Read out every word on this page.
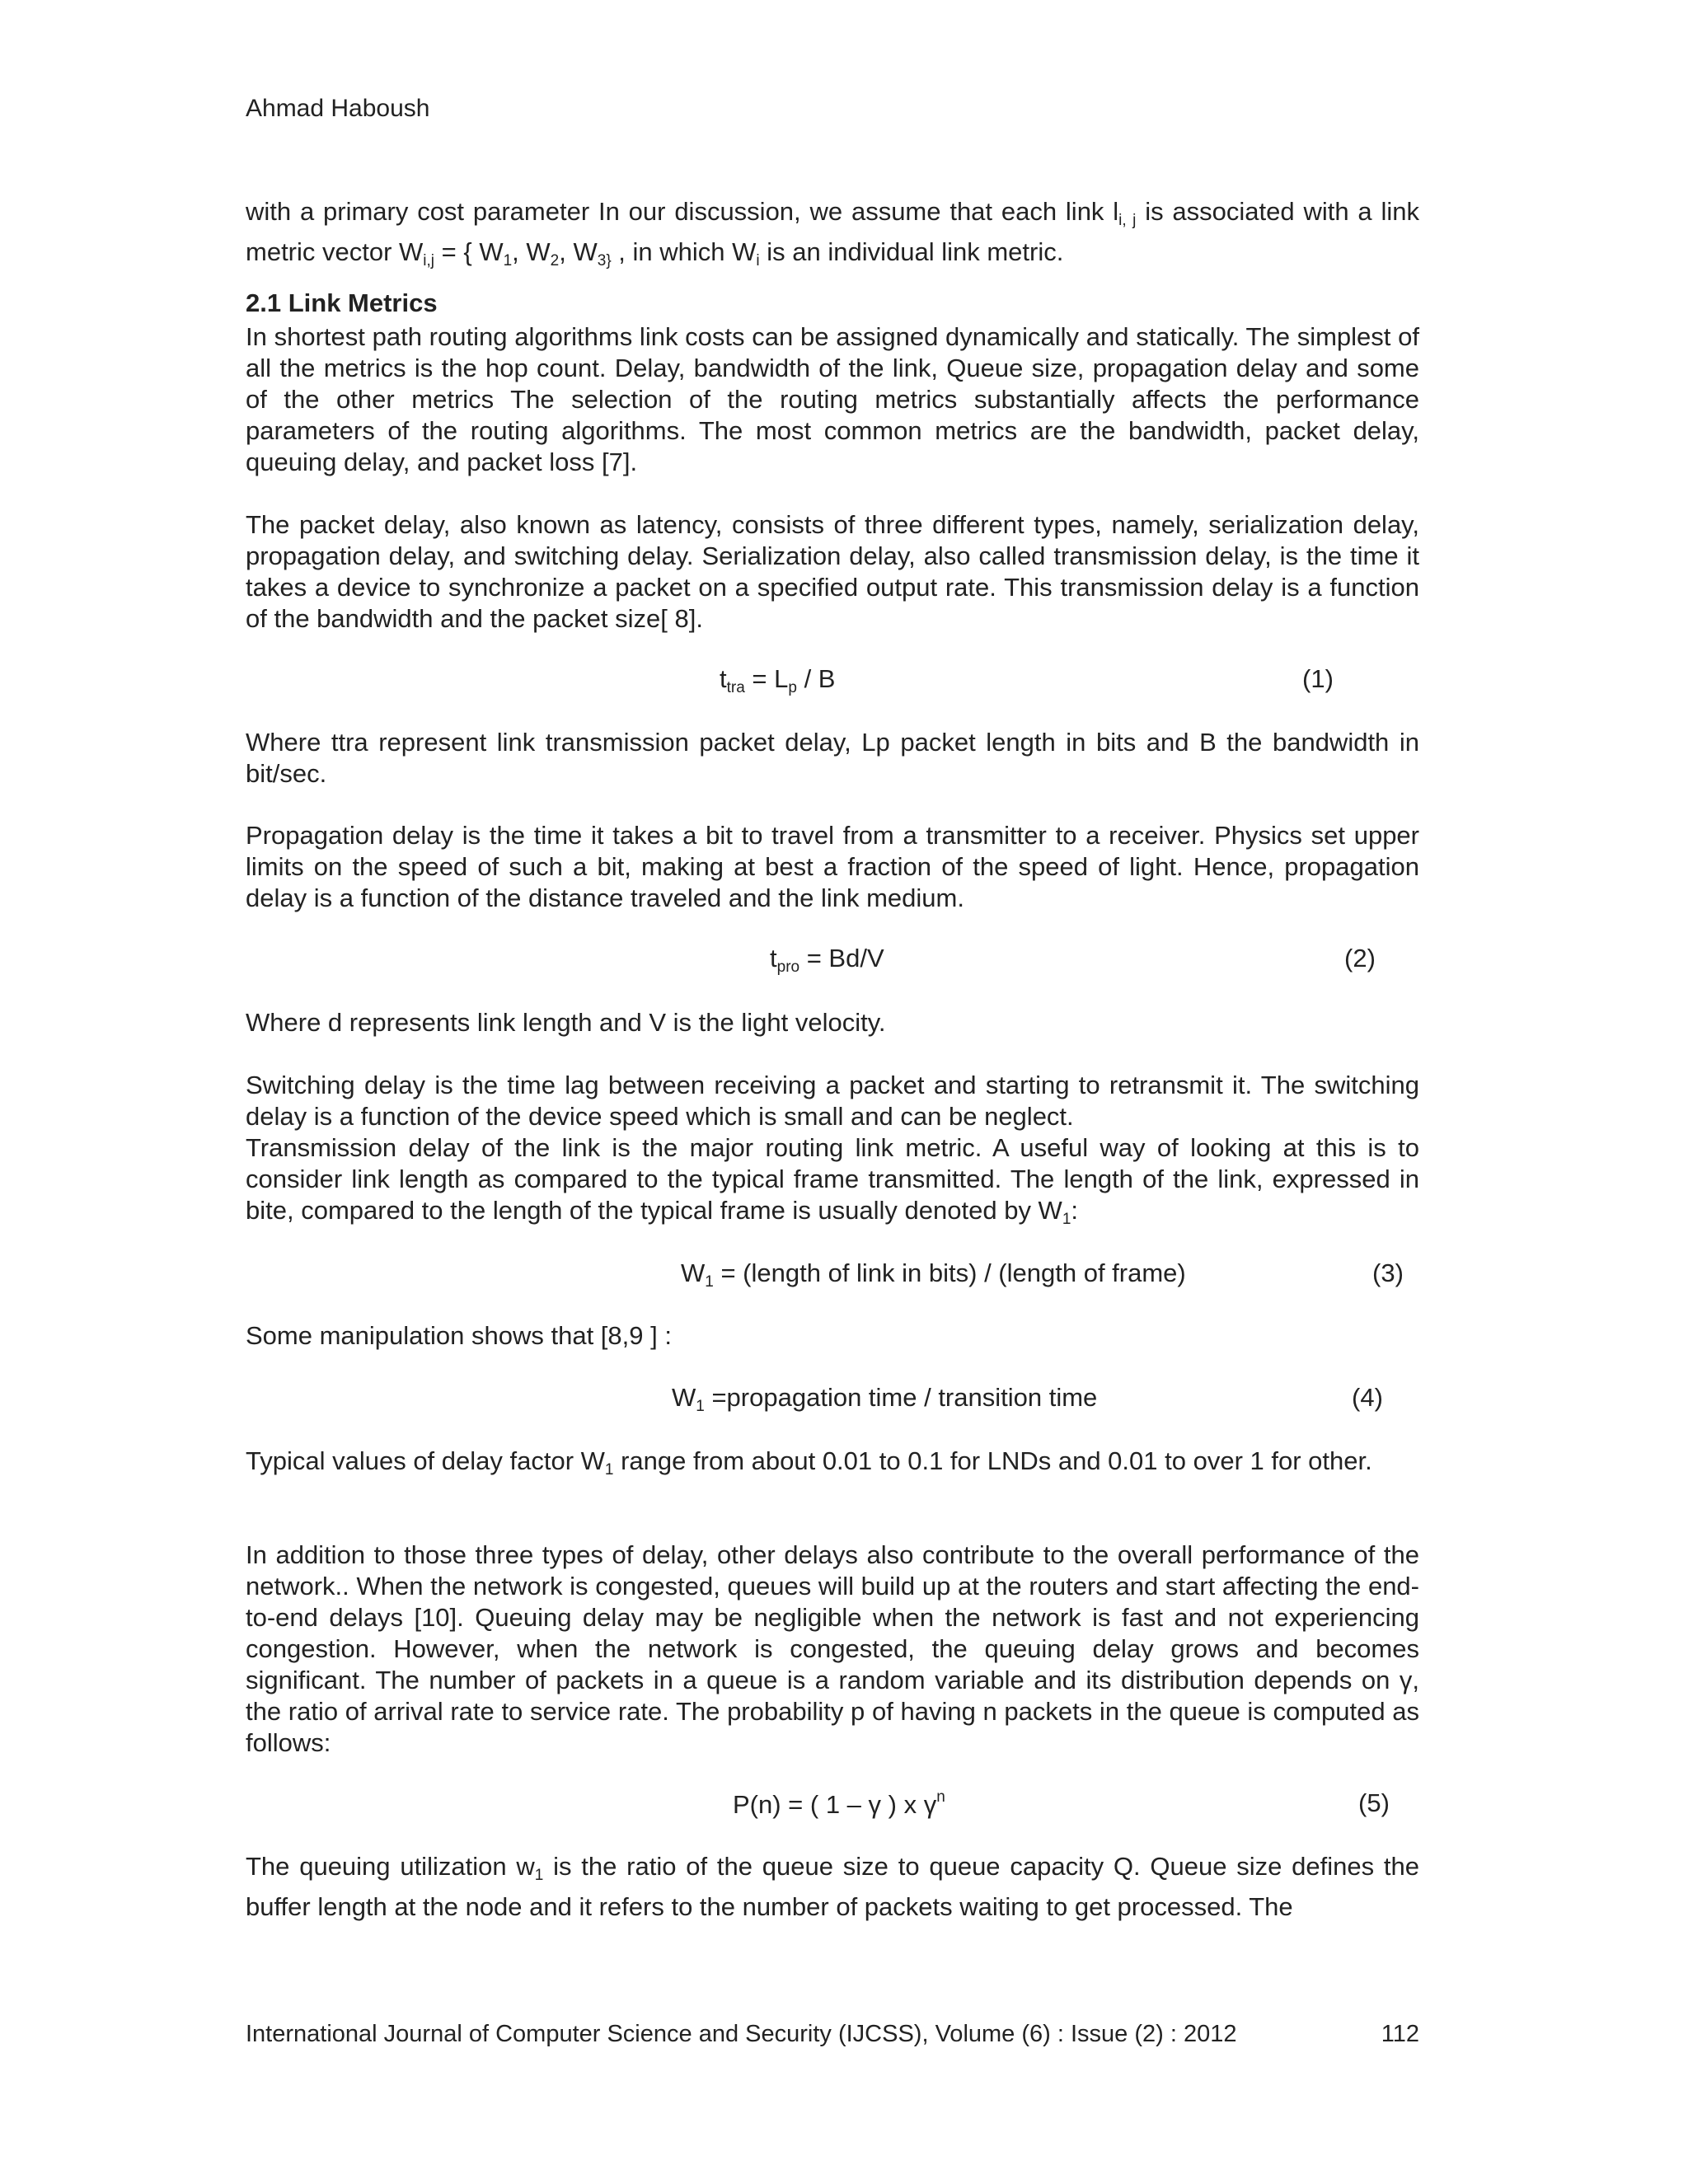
Ahmad Haboush

with a primary cost parameter In our discussion, we assume that each link $l_{i, j}$ is associated with a link metric vector $W_{i,j}$ = { $W_1$, $W_2$, $W_{3\}}$ , in which $W_i$ is an individual link metric.

2.1 Link Metrics

In shortest path routing algorithms link costs can be assigned dynamically and statically. The simplest of all the metrics is the hop count. Delay, bandwidth of the link, Queue size, propagation delay and some of the other metrics The selection of the routing metrics substantially affects the performance parameters of the routing algorithms. The most common metrics are the bandwidth, packet delay, queuing delay, and packet loss [7].

The packet delay, also known as latency, consists of three different types, namely, serialization delay, propagation delay, and switching delay. Serialization delay, also called transmission delay, is the time it takes a device to synchronize a packet on a specified output rate. This transmission delay is a function of the bandwidth and the packet size[ 8].

$t_{tra} = L_p / B$	(1)

Where ttra represent link transmission packet delay, Lp packet length in bits and B the bandwidth in bit/sec.

Propagation delay is the time it takes a bit to travel from a transmitter to a receiver. Physics set upper limits on the speed of such a bit, making at best a fraction of the speed of light. Hence, propagation delay is a function of the distance traveled and the link medium.

$t_{pro} = Bd/V$	(2)

Where d represents link length and V is the light velocity.

Switching delay is the time lag between receiving a packet and starting to retransmit it. The switching delay is a function of the device speed which is small and can be neglect.

Transmission delay of the link is the major routing link metric. A useful way of looking at this is to consider link length as compared to the typical frame transmitted. The length of the link, expressed in bite, compared to the length of the typical frame is usually denoted by $W_1$:

$W_1$ = (length of link in bits) / (length of frame)	(3)

Some manipulation shows that [8,9 ] :

$W_1$ =propagation time / transition time	(4)

Typical values of delay factor $W_1$ range from about 0.01 to 0.1 for LNDs and 0.01 to over 1 for other.

In addition to those three types of delay, other delays also contribute to the overall performance of the network.. When the network is congested, queues will build up at the routers and start affecting the end-to-end delays [10]. Queuing delay may be negligible when the network is fast and not experiencing congestion. However, when the network is congested, the queuing delay grows and becomes significant. The number of packets in a queue is a random variable and its distribution depends on γ, the ratio of arrival rate to service rate. The probability p of having n packets in the queue is computed as follows:

P(n) = ( 1 – γ ) x $\gamma^n$	(5)

The queuing utilization $w_1$ is the ratio of the queue size to queue capacity Q. Queue size defines the buffer length at the node and it refers to the number of packets waiting to get processed. The

International Journal of Computer Science and Security (IJCSS), Volume (6) : Issue (2) : 2012	112
